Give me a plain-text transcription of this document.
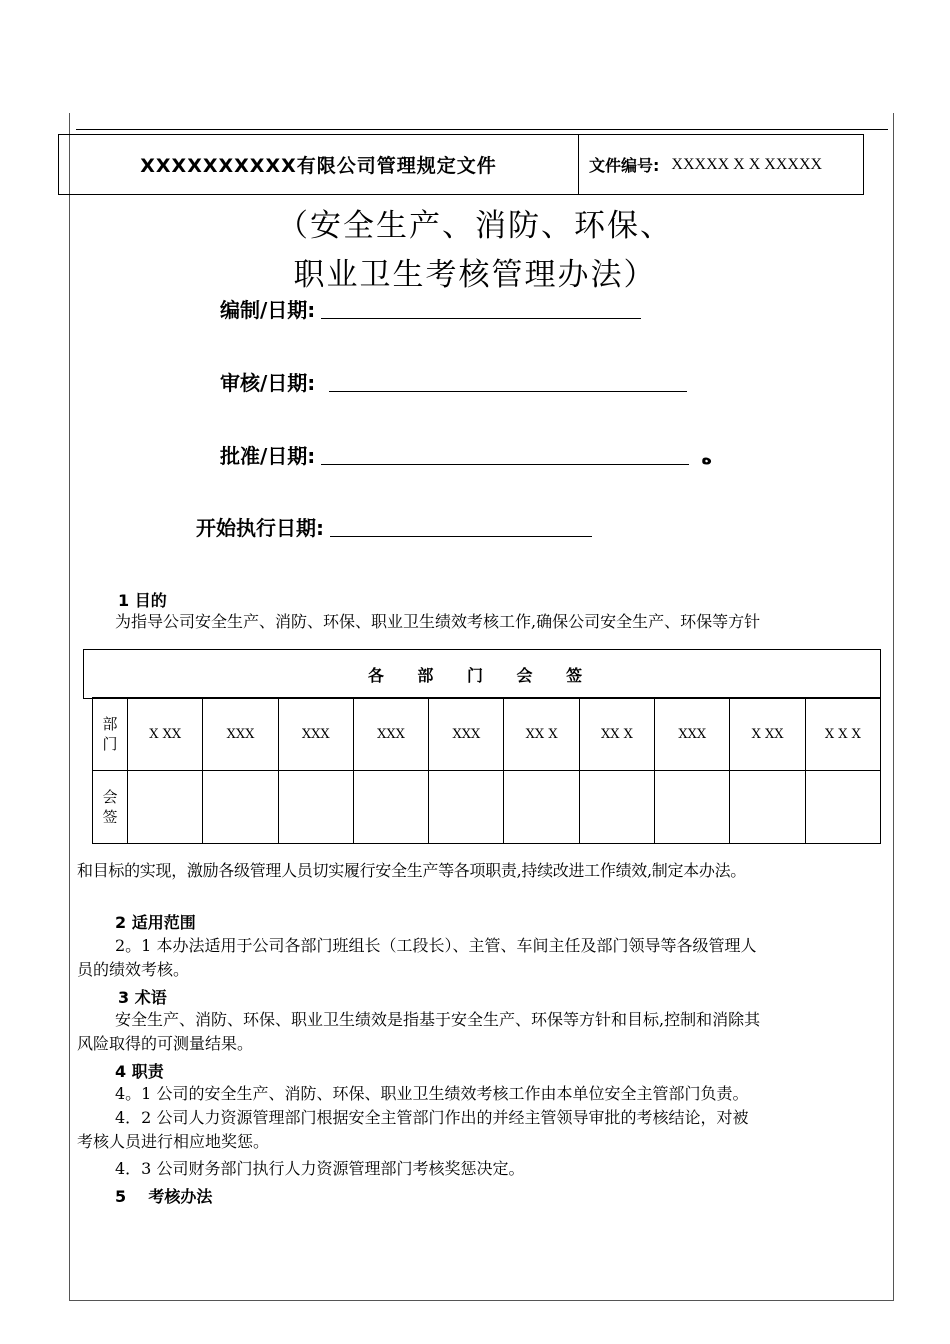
XXXXXXXXXX有限公司管理规定文件	文件编号: XXXXX X X XXXXX
（安全生产、消防、环保、
职业卫生考核管理办法）
编制/日期:
审核/日期:
批准/日期:	ه
开始执行日期:
1 目的
为指导公司安全生产、消防、环保、职业卫生绩效考核工作,确保公司安全生产、环保等方针
各 部 门 会 签
部门	X XX	XXX	XXX	XXX	XXX	XX X	XX X	XXX	X XX	X X X
会签										
和目标的实现，激励各级管理人员切实履行安全生产等各项职责,持续改进工作绩效,制定本办法。
2 适用范围
2。1 本办法适用于公司各部门班组长（工段长）、主管、车间主任及部门领导等各级管理人
员的绩效考核。
3 术语
安全生产、消防、环保、职业卫生绩效是指基于安全生产、环保等方针和目标,控制和消除其
风险取得的可测量结果。
4 职责
4。1 公司的安全生产、消防、环保、职业卫生绩效考核工作由本单位安全主管部门负责。
4．2 公司人力资源管理部门根据安全主管部门作出的并经主管领导审批的考核结论，对被
考核人员进行相应地奖惩。
4．3 公司财务部门执行人力资源管理部门考核奖惩决定。
5    考核办法
